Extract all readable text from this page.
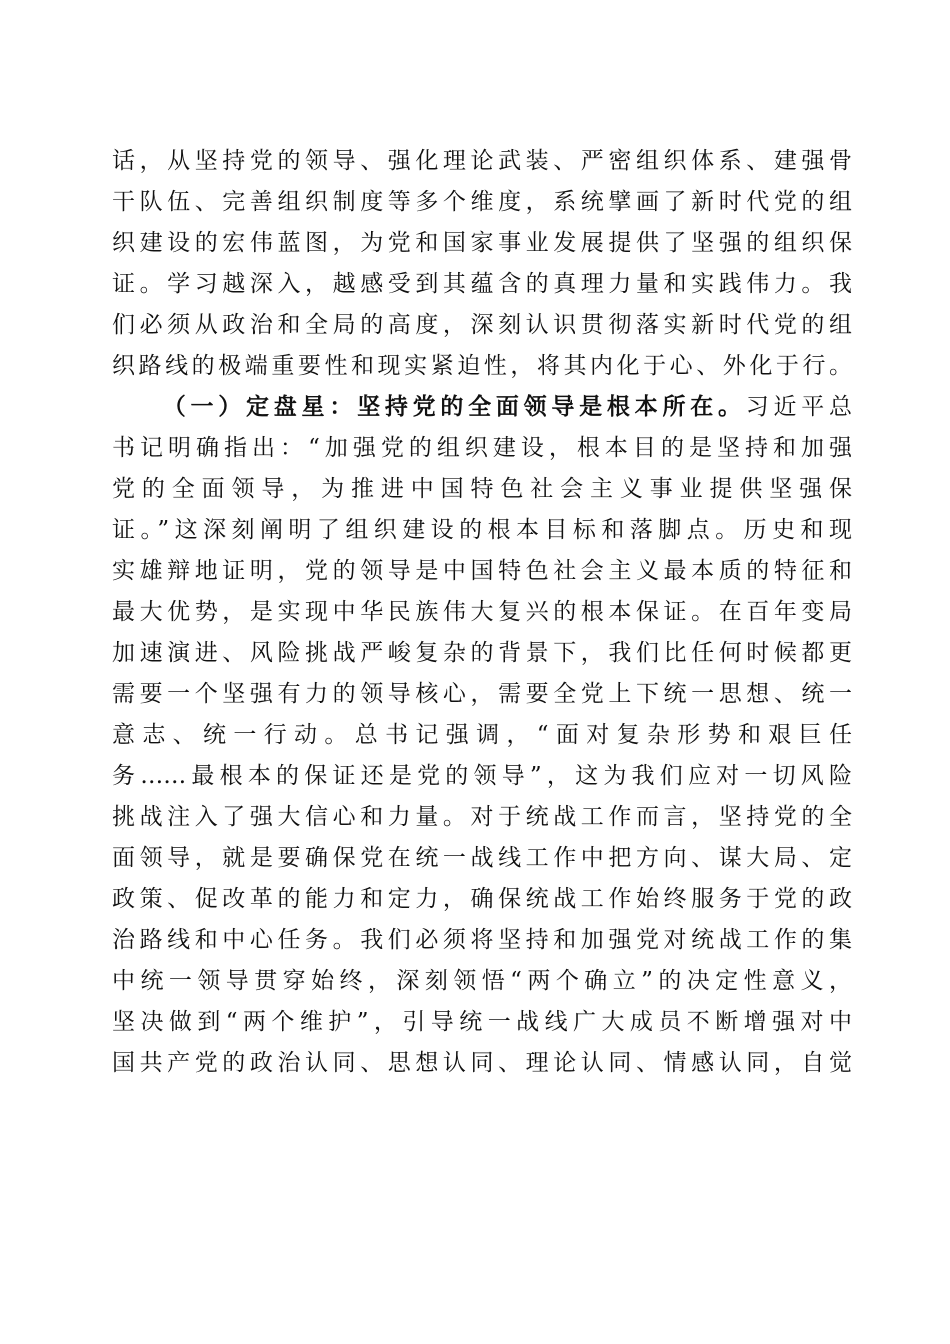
话，从坚持党的领导、强化理论武装、严密组织体系、建强骨
干队伍、完善组织制度等多个维度，系统擘画了新时代党的组
织建设的宏伟蓝图，为党和国家事业发展提供了坚强的组织保
证。学习越深入，越感受到其蕴含的真理力量和实践伟力。我
们必须从政治和全局的高度，深刻认识贯彻落实新时代党的组
织路线的极端重要性和现实紧迫性，将其内化于心、外化于行。
（一）定盘星：坚持党的全面领导是根本所在。习近平总
书记明确指出：“加强党的组织建设，根本目的是坚持和加强
党的全面领导，为推进中国特色社会主义事业提供坚强保
证。”这深刻阐明了组织建设的根本目标和落脚点。历史和现
实雄辩地证明，党的领导是中国特色社会主义最本质的特征和
最大优势，是实现中华民族伟大复兴的根本保证。在百年变局
加速演进、风险挑战严峻复杂的背景下，我们比任何时候都更
需要一个坚强有力的领导核心，需要全党上下统一思想、统一
意志、统一行动。总书记强调，“面对复杂形势和艰巨任
务……最根本的保证还是党的领导”，这为我们应对一切风险
挑战注入了强大信心和力量。对于统战工作而言，坚持党的全
面领导，就是要确保党在统一战线工作中把方向、谋大局、定
政策、促改革的能力和定力，确保统战工作始终服务于党的政
治路线和中心任务。我们必须将坚持和加强党对统战工作的集
中统一领导贯穿始终，深刻领悟“两个确立”的决定性意义，
坚决做到“两个维护”，引导统一战线广大成员不断增强对中
国共产党的政治认同、思想认同、理论认同、情感认同，自觉
